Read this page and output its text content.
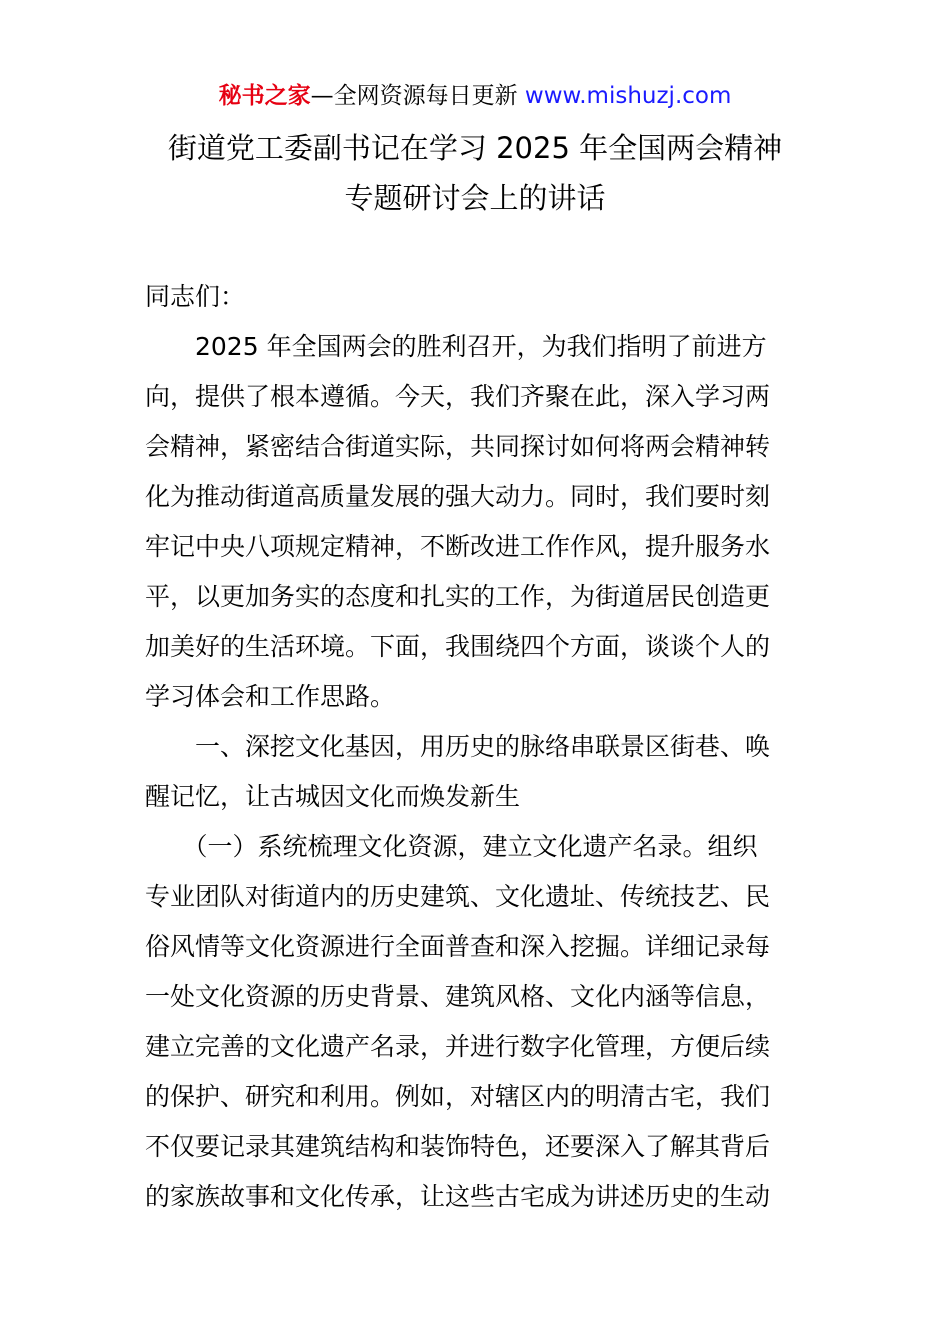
秘书之家—全网资源每日更新 www.mishuzj.com
街道党工委副书记在学习 2025 年全国两会精神
专题研讨会上的讲话
同志们：
　　2025 年全国两会的胜利召开，为我们指明了前进方
向，提供了根本遵循。今天，我们齐聚在此，深入学习两
会精神，紧密结合街道实际，共同探讨如何将两会精神转
化为推动街道高质量发展的强大动力。同时，我们要时刻
牢记中央八项规定精神，不断改进工作作风，提升服务水
平，以更加务实的态度和扎实的工作，为街道居民创造更
加美好的生活环境。下面，我围绕四个方面，谈谈个人的
学习体会和工作思路。
　　一、深挖文化基因，用历史的脉络串联景区街巷、唤
醒记忆，让古城因文化而焕发新生
　　（一）系统梳理文化资源，建立文化遗产名录。组织
专业团队对街道内的历史建筑、文化遗址、传统技艺、民
俗风情等文化资源进行全面普查和深入挖掘。详细记录每
一处文化资源的历史背景、建筑风格、文化内涵等信息，
建立完善的文化遗产名录，并进行数字化管理，方便后续
的保护、研究和利用。例如，对辖区内的明清古宅，我们
不仅要记录其建筑结构和装饰特色，还要深入了解其背后
的家族故事和文化传承，让这些古宅成为讲述历史的生动
